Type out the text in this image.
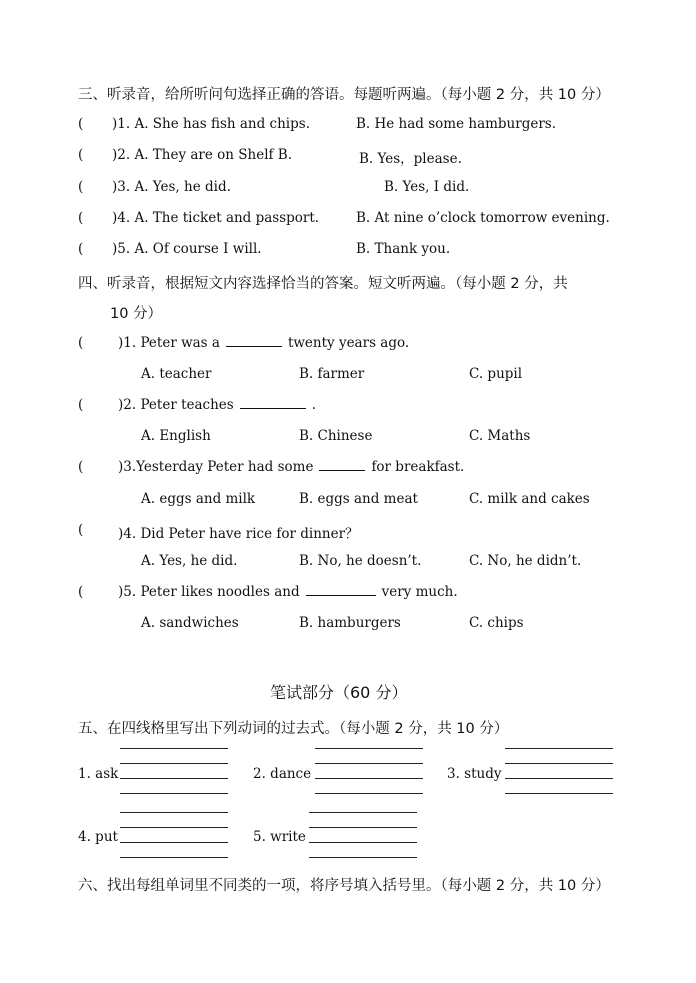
三、听录音，给所听问句选择正确的答语。每题听两遍。（每小题 2 分，共 10 分）
( )1. A. She has fish and chips.	B. He had some hamburgers.
( )2. A. They are on Shelf B.	B. Yes，please.
( )3. A. Yes, he did.	B. Yes, I did.
( )4. A. The ticket and passport.	B. At nine o’clock tomorrow evening.
( )5. A. Of course I will.	B. Thank you.
四、听录音，根据短文内容选择恰当的答案。短文听两遍。（每小题 2 分，共
10 分）
(	)1. Peter was a	twenty years ago.
A. teacher	B. farmer	C. pupil
(	)2. Peter teaches	.
A. English	B. Chinese	C. Maths
(	)3.Yesterday Peter had some	for breakfast.
A. eggs and milk	B. eggs and meat	C. milk and cakes
(	)4. Did Peter have rice for dinner？
A. Yes, he did.	B. No, he doesn’t.	C. No, he didn’t.
(	)5. Peter likes noodles and	very much.
A. sandwiches	B. hamburgers	C. chips
笔试部分（60 分）
五、在四线格里写出下列动词的过去式。（每小题 2 分，共 10 分）
1. ask	2. dance	3. study
4. put	5. write
六、找出每组单词里不同类的一项，将序号填入括号里。（每小题 2 分，共 10 分）
